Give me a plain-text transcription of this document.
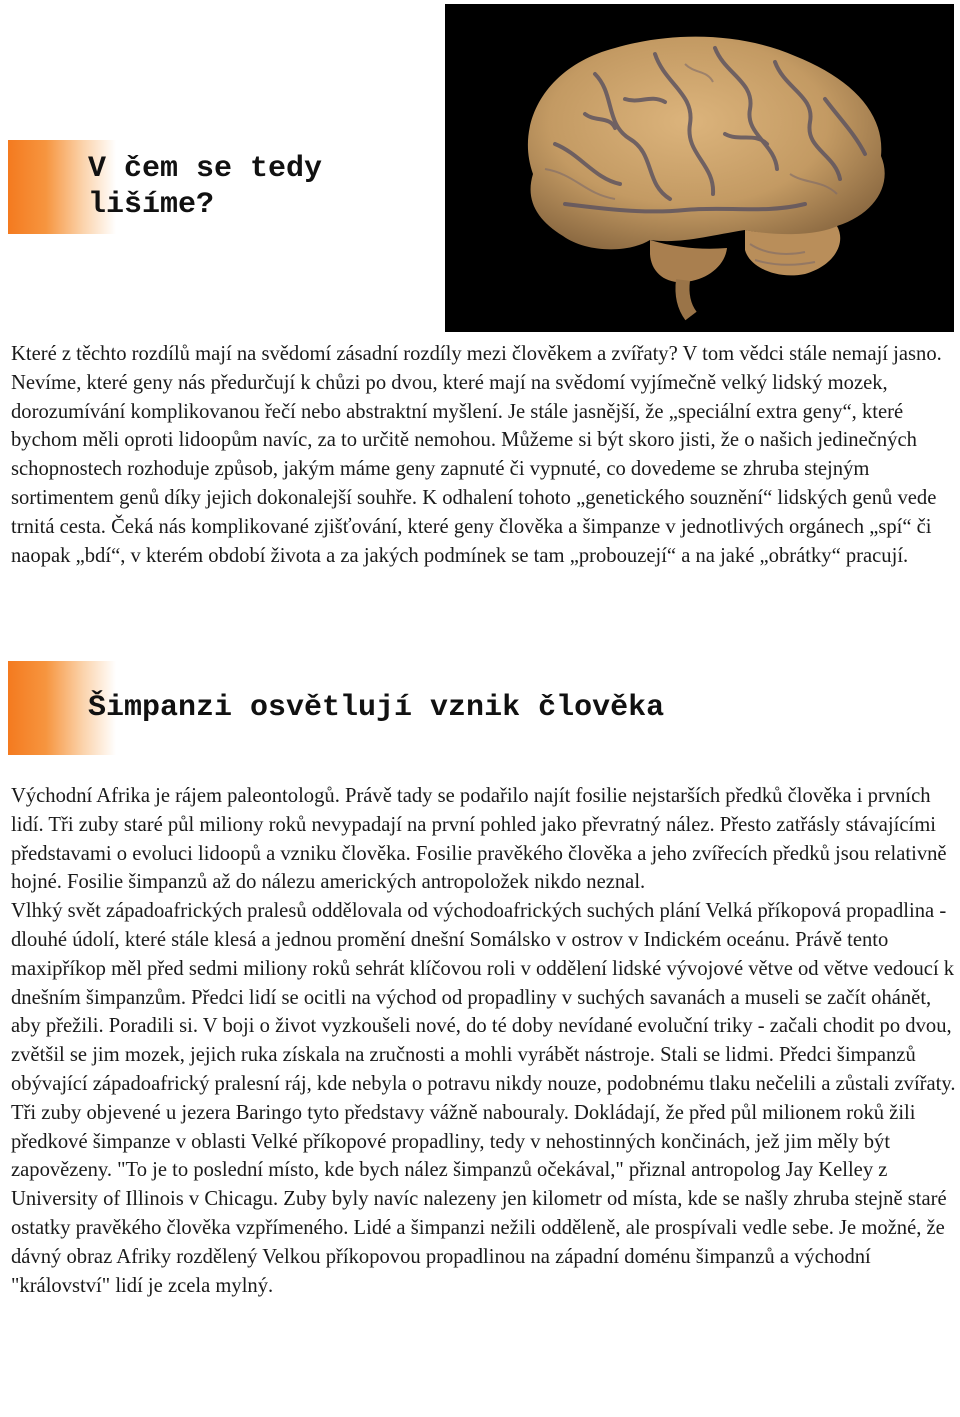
V čem se tedy
lišíme?

Které z těchto rozdílů mají na svědomí zásadní rozdíly mezi člověkem a zvířaty? V tom vědci stále nemají jasno. Nevíme, které geny nás předurčují k chůzi po dvou, které mají na svědomí vyjímečně velký lidský mozek, dorozumívání komplikovanou řečí nebo abstraktní myšlení. Je stále jasnější, že „speciální extra geny“, které bychom měli oproti lidoopům navíc, za to určitě nemohou. Můžeme si být skoro jisti, že o našich jedinečných schopnostech rozhoduje způsob, jakým máme geny zapnuté či vypnuté, co dovedeme se zhruba stejným sortimentem genů díky jejich dokonalejší souhře. K odhalení tohoto „genetického souznění“ lidských genů vede trnitá cesta. Čeká nás komplikované zjišťování, které geny člověka a šimpanze v jednotlivých orgánech „spí“ či naopak „bdí“, v kterém období života a za jakých podmínek se tam „probouzejí“ a na jaké „obrátky“ pracují.

Šimpanzi osvětlují vznik člověka

Východní Afrika je rájem paleontologů. Právě tady se podařilo najít fosilie nejstarších předků člověka i prvních lidí. Tři zuby staré půl miliony roků nevypadají na první pohled jako převratný nález. Přesto zatřásly stávajícími představami o evoluci lidoopů a vzniku člověka. Fosilie pravěkého člověka a jeho zvířecích předků jsou relativně hojné. Fosilie šimpanzů až do nálezu amerických antropoložek nikdo neznal.

Vlhký svět západoafrických pralesů oddělovala od východoafrických suchých plání Velká příkopová propadlina - dlouhé údolí, které stále klesá a jednou promění dnešní Somálsko v ostrov v Indickém oceánu. Právě tento maxipříkop měl před sedmi miliony roků sehrát klíčovou roli v oddělení lidské vývojové větve od větve vedoucí k dnešním šimpanzům. Předci lidí se ocitli na východ od propadliny v suchých savanách a museli se začít ohánět, aby přežili. Poradili si. V boji o život vyzkoušeli nové, do té doby nevídané evoluční triky - začali chodit po dvou, zvětšil se jim mozek, jejich ruka získala na zručnosti a mohli vyrábět nástroje. Stali se lidmi. Předci šimpanzů obývající západoafrický pralesní ráj, kde nebyla o potravu nikdy nouze, podobnému tlaku nečelili a zůstali zvířaty. Tři zuby objevené u jezera Baringo tyto představy vážně nabouraly. Dokládají, že před půl milionem roků žili předkové šimpanze v oblasti Velké příkopové propadliny, tedy v nehostinných končinách, jež jim měly být zapovězeny. "To je to poslední místo, kde bych nález šimpanzů očekával," přiznal antropolog Jay Kelley z University of Illinois v Chicagu. Zuby byly navíc nalezeny jen kilometr od místa, kde se našly zhruba stejně staré ostatky pravěkého člověka vzpřímeného. Lidé a šimpanzi nežili odděleně, ale prospívali vedle sebe. Je možné, že dávný obraz Afriky rozdělený Velkou příkopovou propadlinou na západní doménu šimpanzů a východní "království" lidí je zcela mylný.
